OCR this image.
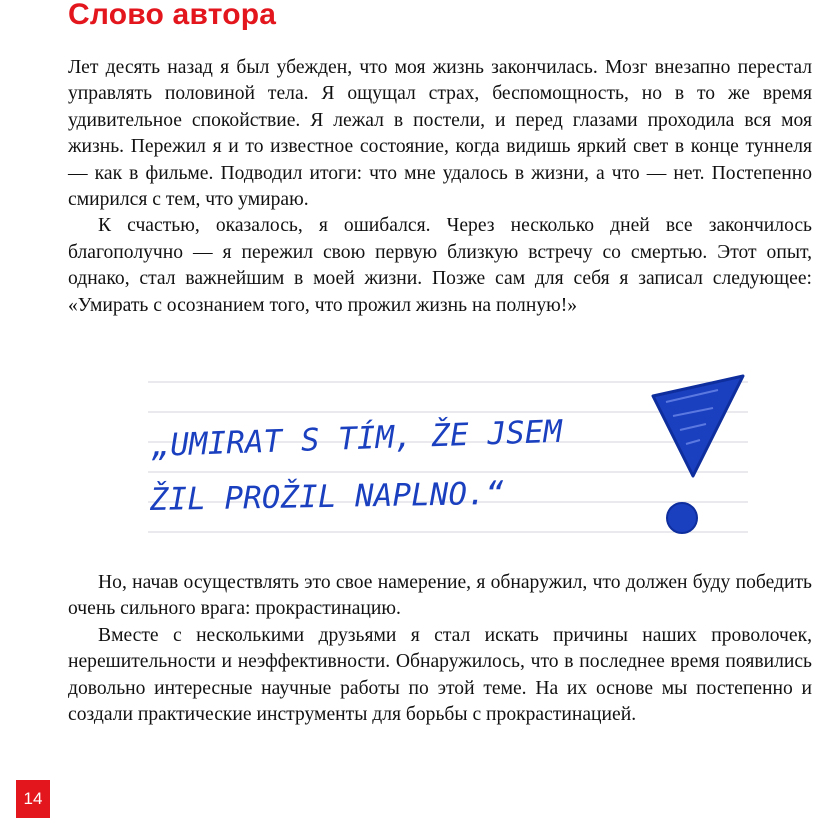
Слово автора

Лет десять назад я был убежден, что моя жизнь закончилась. Мозг внезапно перестал управлять половиной тела. Я ощущал страх, беспомощность, но в то же время удивительное спокойствие. Я лежал в постели, и перед глазами проходила вся моя жизнь. Пережил я и то известное состояние, когда видишь яркий свет в конце туннеля — как в фильме. Подводил итоги: что мне удалось в жизни, а что — нет. Постепенно смирился с тем, что умираю.

К счастью, оказалось, я ошибался. Через несколько дней все закончилось благополучно — я пережил свою первую близкую встречу со смертью. Этот опыт, однако, стал важнейшим в моей жизни. Позже сам для себя я записал следующее: «Умирать с осознанием того, что прожил жизнь на полную!»

„UMIRAT S TÍM, ŽE JSEM
ŽIL PROŽIL NAPLNO.“

Но, начав осуществлять это свое намерение, я обнаружил, что должен буду победить очень сильного врага: прокрастинацию.

Вместе с несколькими друзьями я стал искать причины наших проволочек, нерешительности и неэффективности. Обнаружилось, что в последнее время появились довольно интересные научные работы по этой теме. На их основе мы постепенно и создали практические инструменты для борьбы с прокрастинацией.

14
